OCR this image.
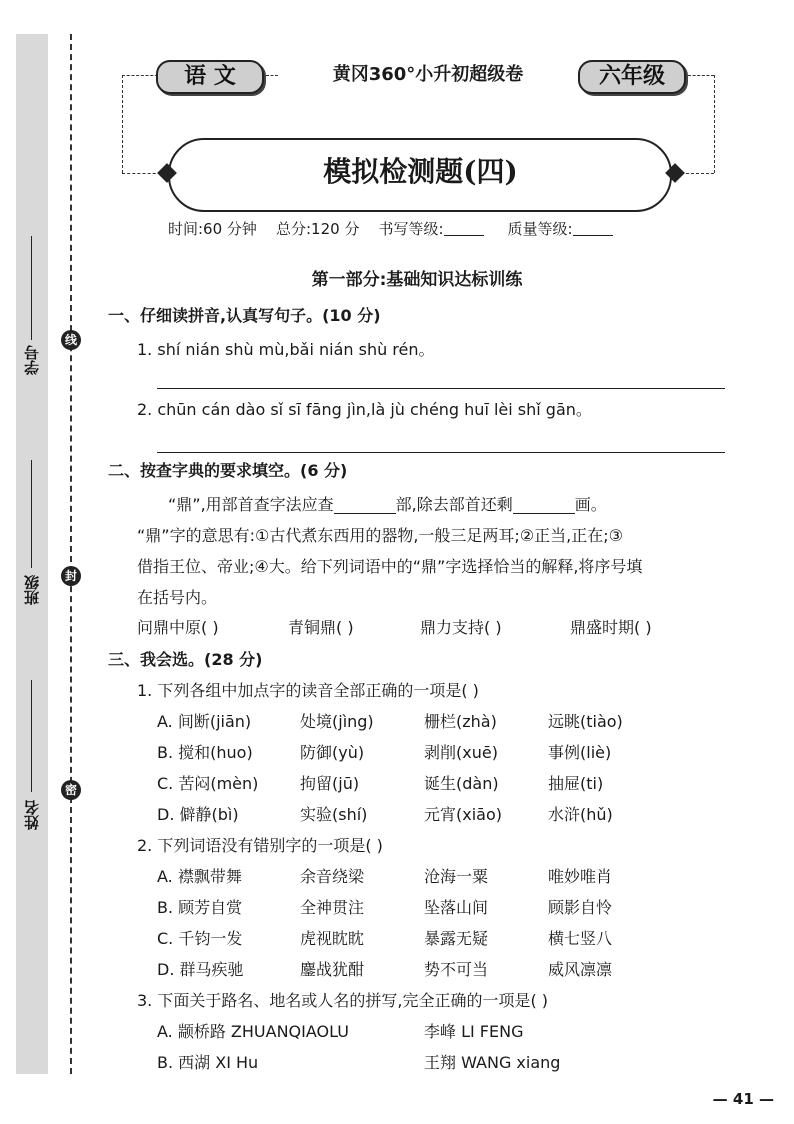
线
封
密
学号
班级
姓名
语 文	黄冈360°小升初超级卷	六年级
模拟检测题(四)
时间:60 分钟 总分:120 分 书写等级:	质量等级:
第一部分:基础知识达标训练
一、仔细读拼音,认真写句子。(10 分)
1. shí nián shù mù,bǎi nián shù rén。
2. chūn cán dào sǐ sī fāng jìn,là jù chéng huī lèi shǐ gān。
二、按查字典的要求填空。(6 分)
“鼎”,用部首查字法应查	部,除去部首还剩	画。
“鼎”字的意思有:①古代煮东西用的器物,一般三足两耳;②正当,正在;③
借指王位、帝业;④大。给下列词语中的“鼎”字选择恰当的解释,将序号填
在括号内。
问鼎中原( )	青铜鼎( )	鼎力支持( )	鼎盛时期( )
三、我会选。(28 分)
1. 下列各组中加点字的读音全部正确的一项是( )
A. 间断(jiān)	处境(jìng)	栅栏(zhà)	远眺(tiào)
B. 搅和(huo)	防御(yù)	剥削(xuē)	事例(liè)
C. 苦闷(mèn)	拘留(jū)	诞生(dàn)	抽屉(ti)
D. 僻静(bì)	实验(shí)	元宵(xiāo)	水浒(hǔ)
2. 下列词语没有错别字的一项是( )
A. 襟飘带舞	余音绕梁	沧海一粟	唯妙唯肖
B. 顾芳自赏	全神贯注	坠落山间	顾影自怜
C. 千钧一发	虎视眈眈	暴露无疑	横七竖八
D. 群马疾驰	鏖战犹酣	势不可当	威风凛凛
3. 下面关于路名、地名或人名的拼写,完全正确的一项是( )
A. 颛桥路 ZHUANQIAOLU	李峰 LI FENG
B. 西湖 XI Hu	王翔 WANG xiang
— 41 —
